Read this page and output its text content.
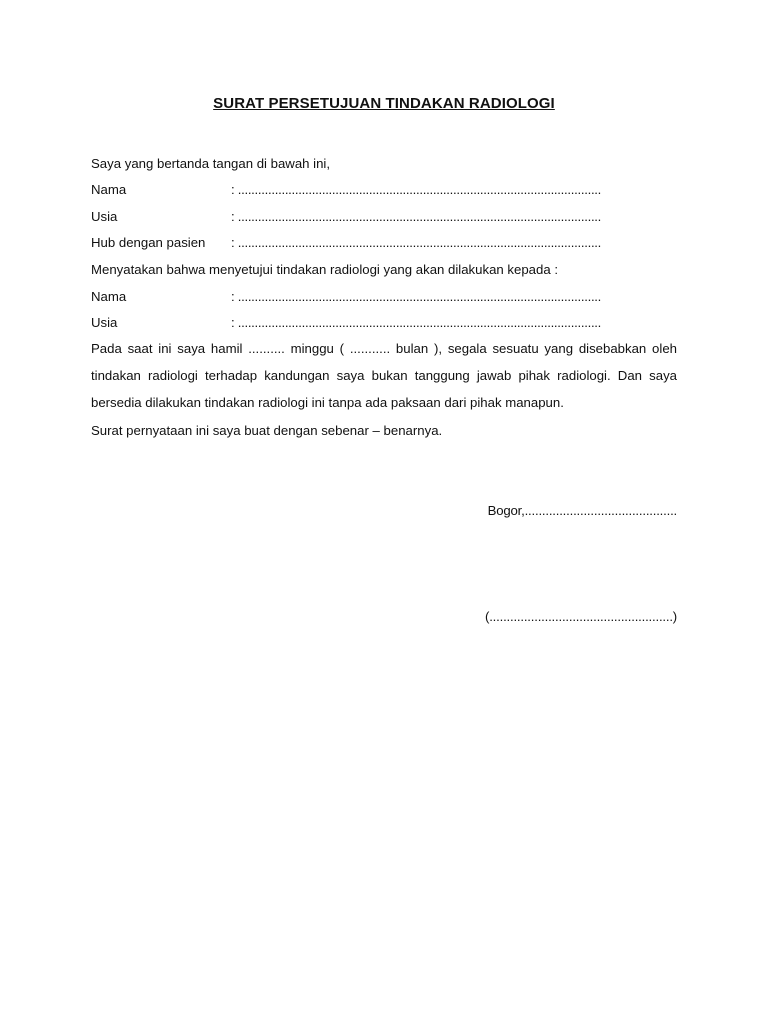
SURAT PERSETUJUAN TINDAKAN RADIOLOGI
Saya yang bertanda tangan di bawah ini,
Nama	: ............................................................................................................
Usia	: ............................................................................................................
Hub dengan pasien : ............................................................................................................
Menyatakan bahwa menyetujui tindakan radiologi yang akan dilakukan kepada :
Nama	: ............................................................................................................
Usia	: ............................................................................................................
Pada saat ini saya hamil .......... minggu ( ........... bulan ), segala sesuatu yang disebabkan oleh tindakan radiologi terhadap kandungan saya bukan tanggung jawab pihak radiologi. Dan saya bersedia dilakukan tindakan radiologi ini tanpa ada paksaan dari pihak manapun.
Surat pernyataan ini saya buat dengan sebenar – benarnya.
Bogor,............................................
(.....................................................)
